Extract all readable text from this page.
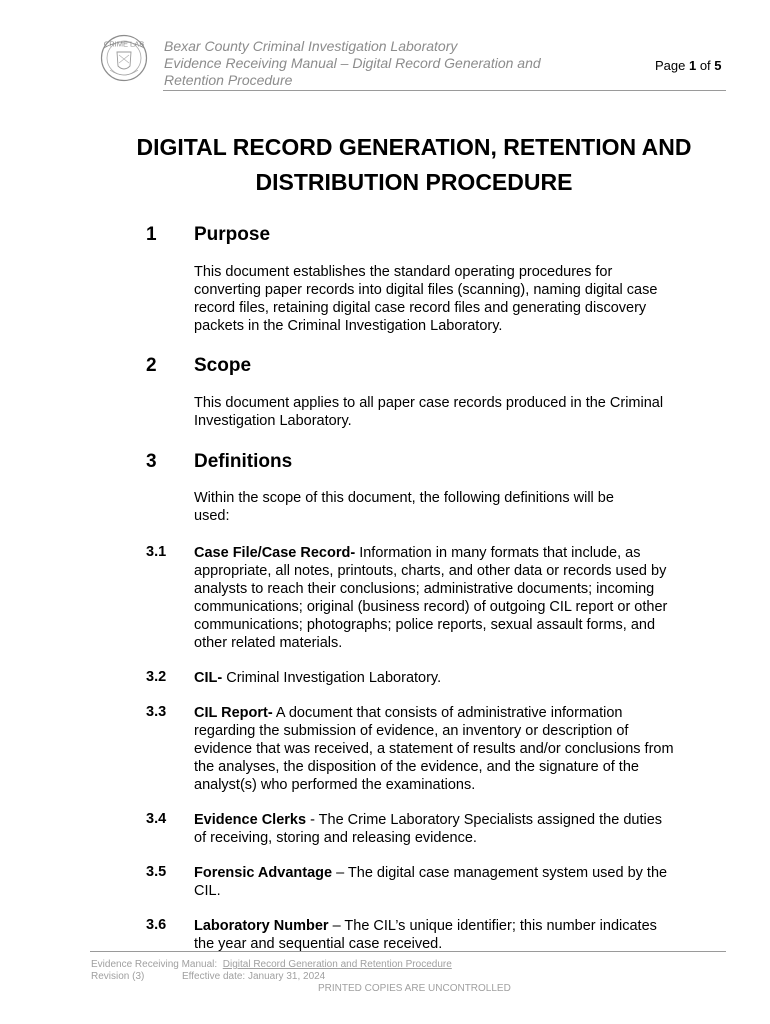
CRIME LAB Bexar County Criminal Investigation Laboratory
Evidence Receiving Manual – Digital Record Generation and
Retention Procedure
Page 1 of 5
DIGITAL RECORD GENERATION, RETENTION AND
DISTRIBUTION PROCEDURE
1 Purpose
This document establishes the standard operating procedures for
converting paper records into digital files (scanning), naming digital case
record files, retaining digital case record files and generating discovery
packets in the Criminal Investigation Laboratory.
2 Scope
This document applies to all paper case records produced in the Criminal
Investigation Laboratory.
3 Definitions
Within the scope of this document, the following definitions will be
used:
3.1 Case File/Case Record- Information in many formats that include, as
appropriate, all notes, printouts, charts, and other data or records used by
analysts to reach their conclusions; administrative documents; incoming
communications; original (business record) of outgoing CIL report or other
communications; photographs; police reports, sexual assault forms, and
other related materials.
3.2 CIL- Criminal Investigation Laboratory.
3.3 CIL Report- A document that consists of administrative information
regarding the submission of evidence, an inventory or description of
evidence that was received, a statement of results and/or conclusions from
the analyses, the disposition of the evidence, and the signature of the
analyst(s) who performed the examinations.
3.4 Evidence Clerks - The Crime Laboratory Specialists assigned the duties
of receiving, storing and releasing evidence.
3.5 Forensic Advantage – The digital case management system used by the
CIL.
3.6 Laboratory Number – The CIL’s unique identifier; this number indicates
the year and sequential case received.
Evidence Receiving Manual: Digital Record Generation and Retention Procedure
Revision (3)	Effective date: January 31, 2024
PRINTED COPIES ARE UNCONTROLLED
